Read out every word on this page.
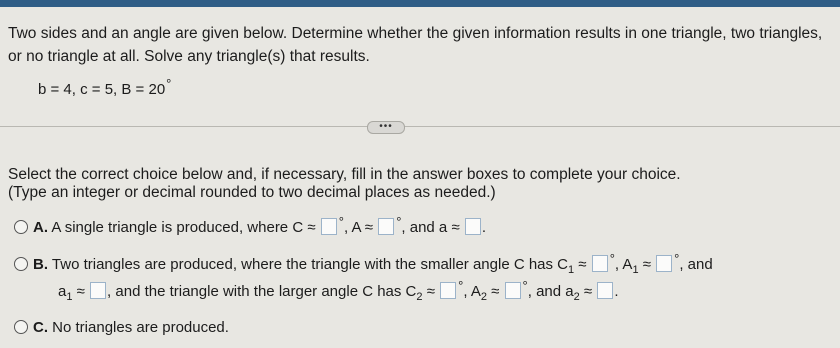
Two sides and an angle are given below. Determine whether the given information results in one triangle, two triangles,
or no triangle at all. Solve any triangle(s) that results.
b = 4, c = 5, B = 20°
•••
Select the correct choice below and, if necessary, fill in the answer boxes to complete your choice.
(Type an integer or decimal rounded to two decimal places as needed.)
A. A single triangle is produced, where C ≈ °, A ≈ °, and a ≈ .
B. Two triangles are produced, where the triangle with the smaller angle C has $C_1$ ≈ °, $A_1$ ≈ °, and
$a_1$ ≈ , and the triangle with the larger angle C has $C_2$ ≈ °, $A_2$ ≈ °, and $a_2$ ≈ .
C. No triangles are produced.
